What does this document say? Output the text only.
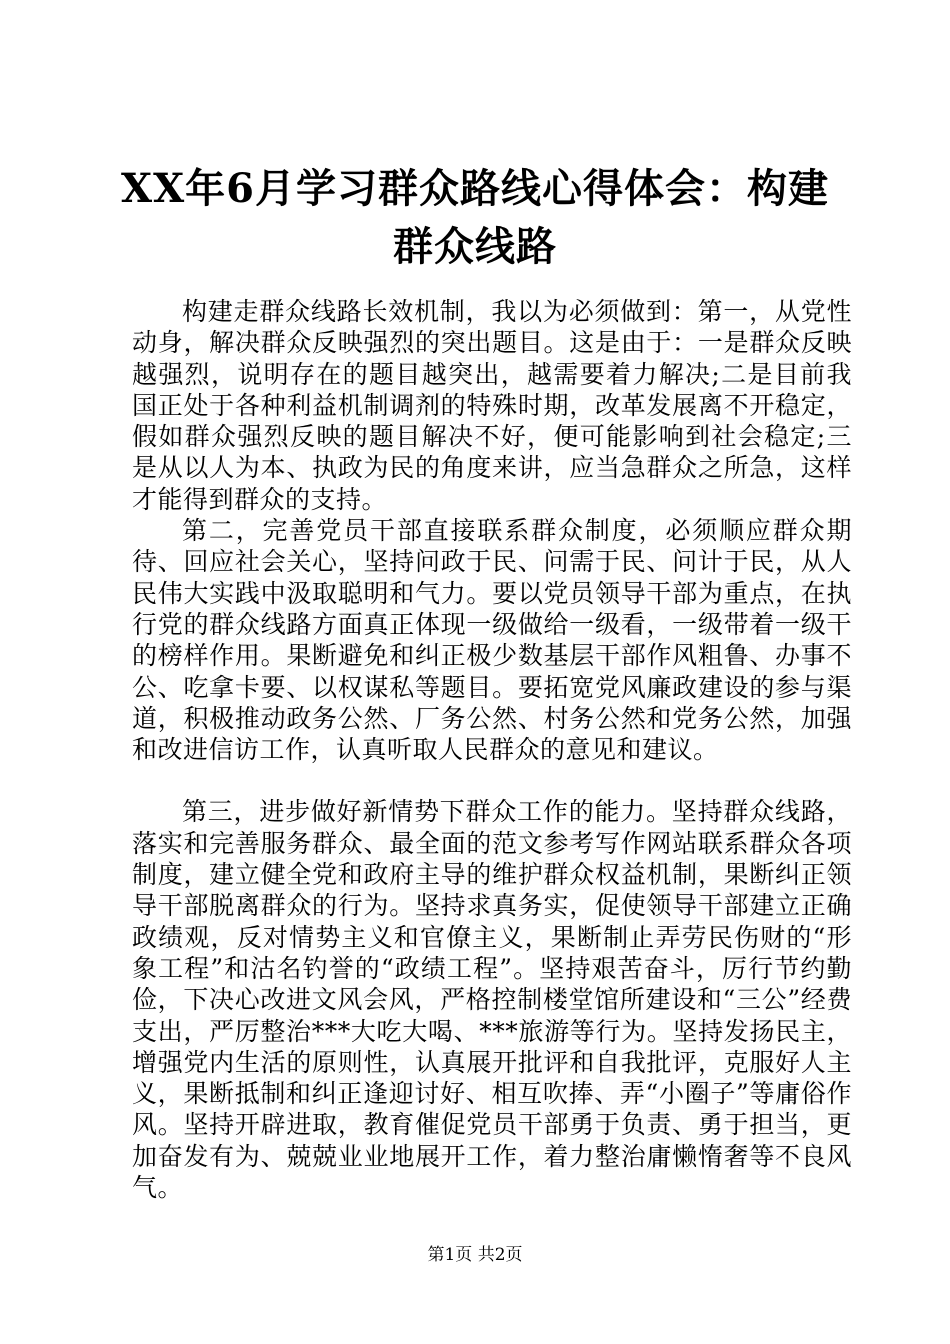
XX年6月学习群众路线心得体会：构建群众线路

构建走群众线路长效机制，我以为必须做到：第一，从党性动身，解决群众反映强烈的突出题目。这是由于：一是群众反映越强烈，说明存在的题目越突出，越需要着力解决;二是目前我国正处于各种利益机制调剂的特殊时期，改革发展离不开稳定，假如群众强烈反映的题目解决不好，便可能影响到社会稳定;三是从以人为本、执政为民的角度来讲，应当急群众之所急，这样才能得到群众的支持。

第二，完善党员干部直接联系群众制度，必须顺应群众期待、回应社会关心，坚持问政于民、问需于民、问计于民，从人民伟大实践中汲取聪明和气力。要以党员领导干部为重点，在执行党的群众线路方面真正体现一级做给一级看，一级带着一级干的榜样作用。果断避免和纠正极少数基层干部作风粗鲁、办事不公、吃拿卡要、以权谋私等题目。要拓宽党风廉政建设的参与渠道，积极推动政务公然、厂务公然、村务公然和党务公然，加强和改进信访工作，认真听取人民群众的意见和建议。

第三，进步做好新情势下群众工作的能力。坚持群众线路，落实和完善服务群众、最全面的范文参考写作网站联系群众各项制度，建立健全党和政府主导的维护群众权益机制，果断纠正领导干部脱离群众的行为。坚持求真务实，促使领导干部建立正确政绩观，反对情势主义和官僚主义，果断制止弄劳民伤财的“形象工程”和沽名钓誉的“政绩工程”。坚持艰苦奋斗，厉行节约勤俭，下决心改进文风会风，严格控制楼堂馆所建设和“三公”经费支出，严厉整治***大吃大喝、***旅游等行为。坚持发扬民主，增强党内生活的原则性，认真展开批评和自我批评，克服好人主义，果断抵制和纠正逢迎讨好、相互吹捧、弄“小圈子”等庸俗作风。坚持开辟进取，教育催促党员干部勇于负责、勇于担当，更加奋发有为、兢兢业业地展开工作，着力整治庸懒惰奢等不良风气。

第1页 共2页
